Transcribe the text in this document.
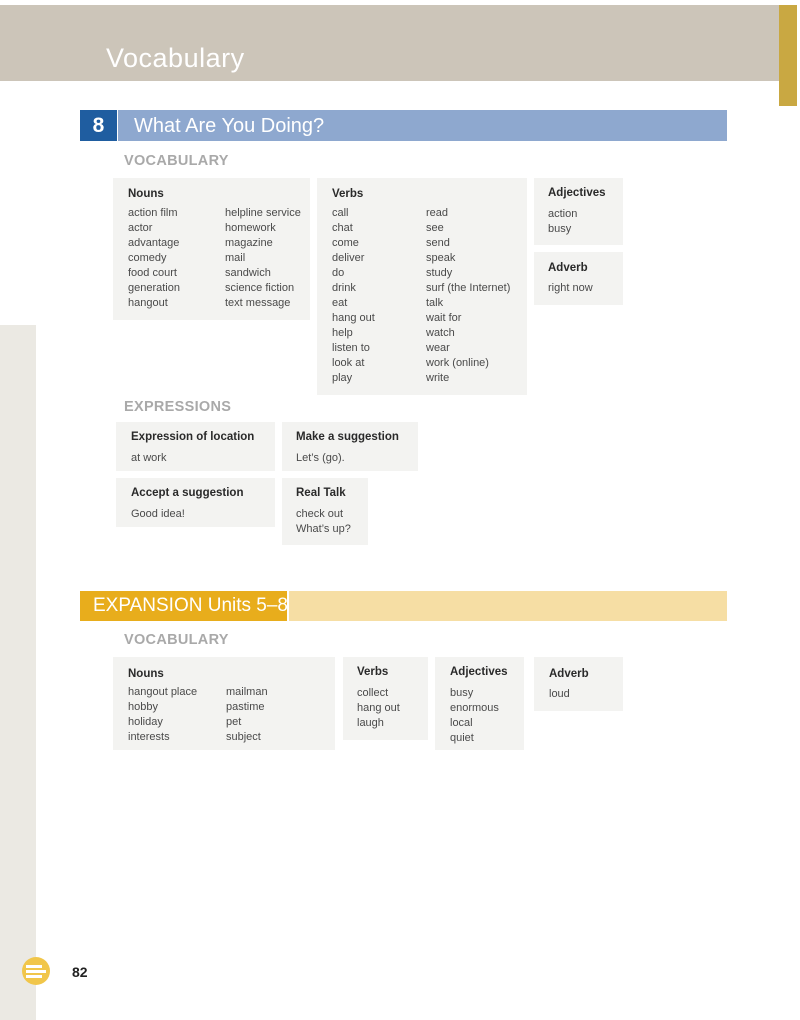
Vocabulary
82
8	What Are You Doing?
VOCABULARY
Nouns
action film
actor
advantage
comedy
food court
generation
hangout
helpline service
homework
magazine
mail
sandwich
science fiction
text message
Verbs
call
chat
come
deliver
do
drink
eat
hang out
help
listen to
look at
play
read
see
send
speak
study
surf (the Internet)
talk
wait for
watch
wear
work (online)
write
Adjectives
action
busy
Adverb
right now
EXPRESSIONS
Expression of location
at work
Make a suggestion
Let’s (go).
Accept a suggestion
Good idea!
Real Talk
check out
What’s up?
EXPANSION Units 5–8
VOCABULARY
Nouns
hangout place
hobby
holiday
interests
mailman
pastime
pet
subject
Verbs
collect
hang out
laugh
Adjectives
busy
enormous
local
quiet
Adverb
loud
